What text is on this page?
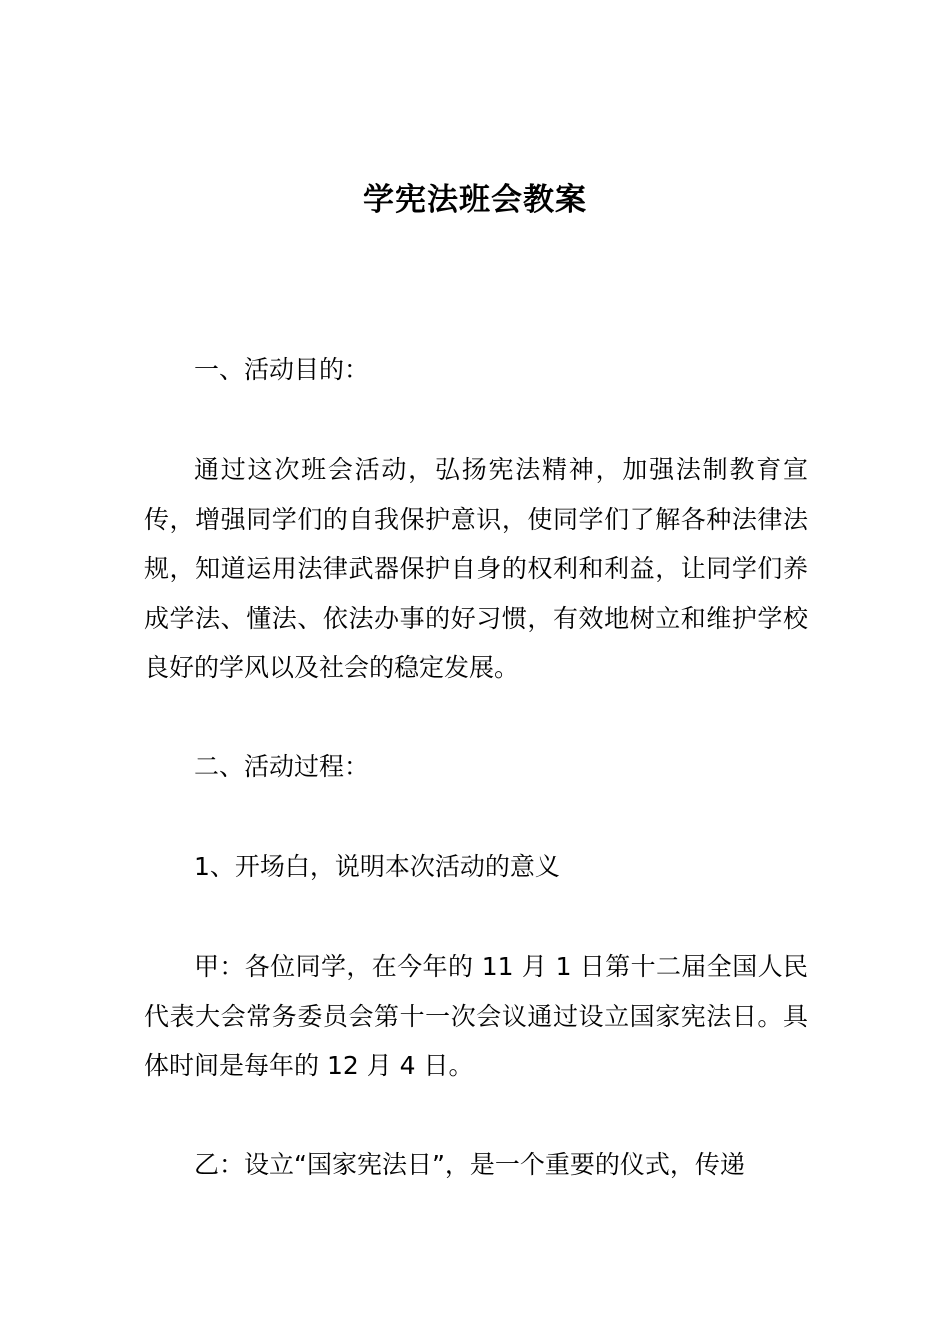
学宪法班会教案

一、活动目的：

通过这次班会活动，弘扬宪法精神，加强法制教育宣传，增强同学们的自我保护意识，使同学们了解各种法律法规，知道运用法律武器保护自身的权利和利益，让同学们养成学法、懂法、依法办事的好习惯，有效地树立和维护学校良好的学风以及社会的稳定发展。

二、活动过程：

1、开场白，说明本次活动的意义

甲：各位同学，在今年的 11 月 1 日第十二届全国人民代表大会常务委员会第十一次会议通过设立国家宪法日。具体时间是每年的 12 月 4 日。

乙：设立“国家宪法日”，是一个重要的仪式，传递
